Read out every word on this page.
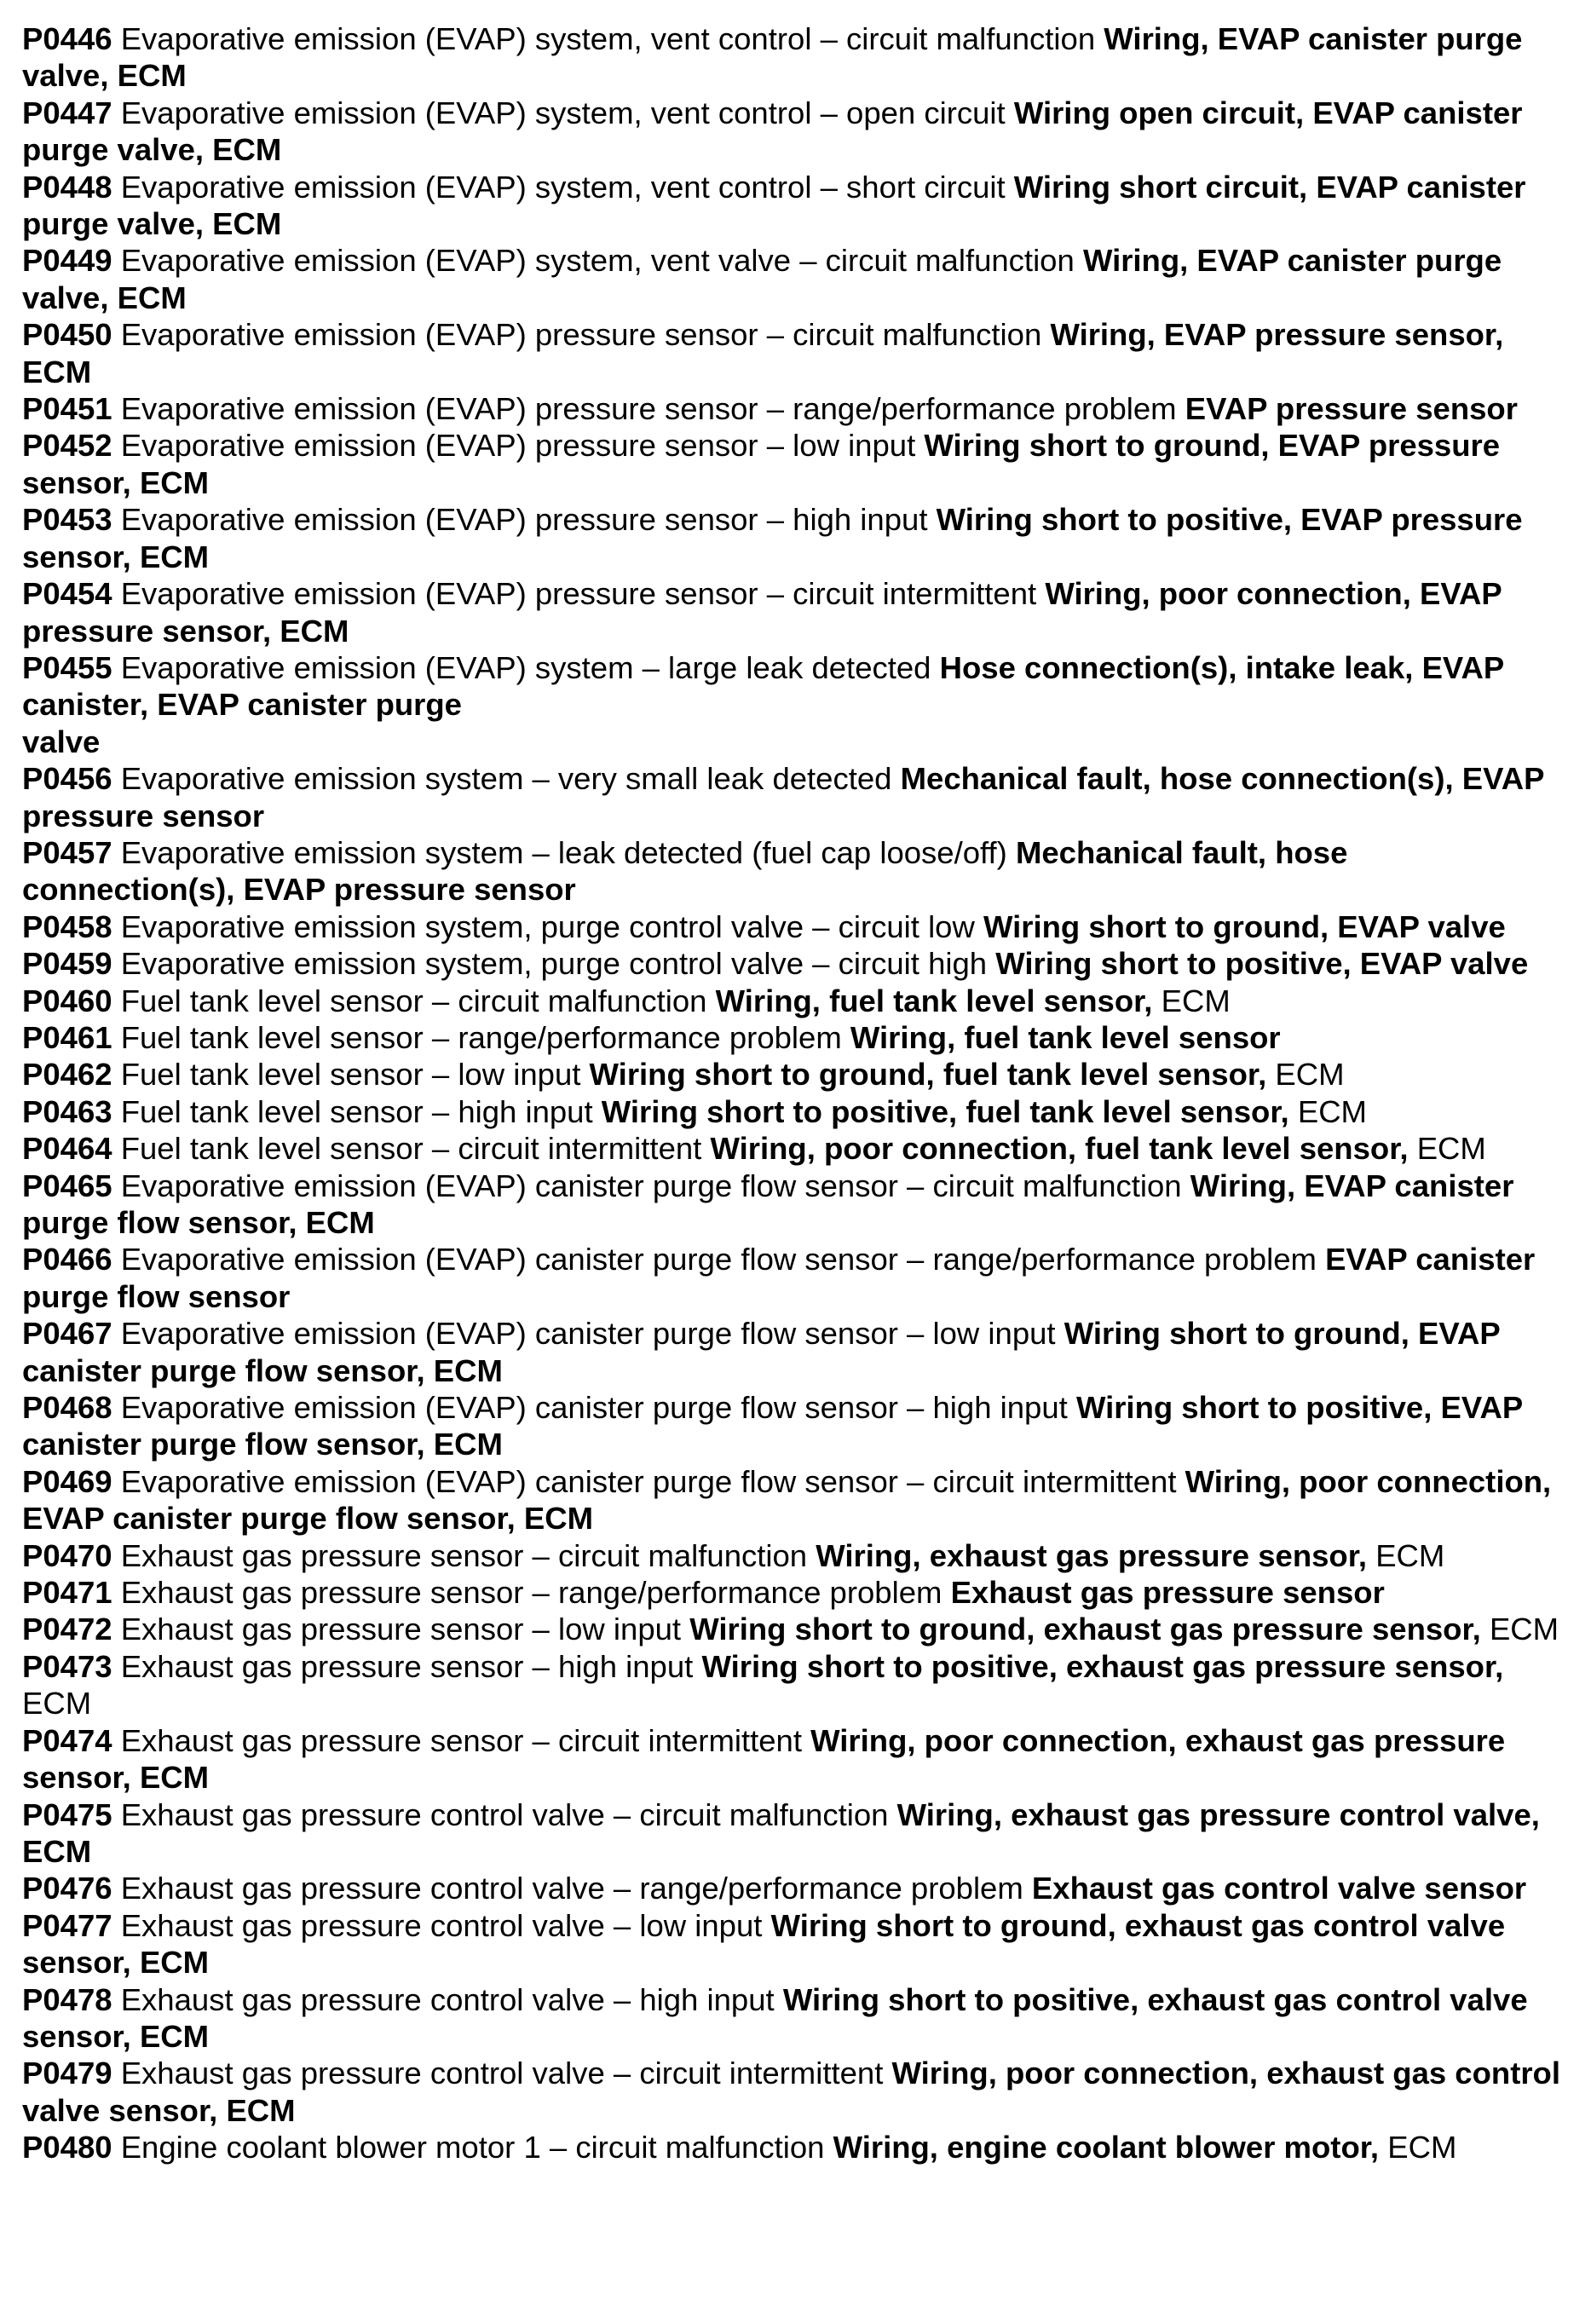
P0446 Evaporative emission (EVAP) system, vent control – circuit malfunction Wiring, EVAP canister purge valve, ECM

P0447 Evaporative emission (EVAP) system, vent control – open circuit Wiring open circuit, EVAP canister purge valve, ECM

P0448 Evaporative emission (EVAP) system, vent control – short circuit Wiring short circuit, EVAP canister purge valve, ECM

P0449 Evaporative emission (EVAP) system, vent valve – circuit malfunction Wiring, EVAP canister purge valve, ECM

P0450 Evaporative emission (EVAP) pressure sensor – circuit malfunction Wiring, EVAP pressure sensor, ECM

P0451 Evaporative emission (EVAP) pressure sensor – range/performance problem EVAP pressure sensor

P0452 Evaporative emission (EVAP) pressure sensor – low input Wiring short to ground, EVAP pressure sensor, ECM

P0453 Evaporative emission (EVAP) pressure sensor – high input Wiring short to positive, EVAP pressure sensor, ECM

P0454 Evaporative emission (EVAP) pressure sensor – circuit intermittent Wiring, poor connection, EVAP pressure sensor, ECM

P0455 Evaporative emission (EVAP) system – large leak detected Hose connection(s), intake leak, EVAP canister, EVAP canister purge
valve

P0456 Evaporative emission system – very small leak detected Mechanical fault, hose connection(s), EVAP pressure sensor

P0457 Evaporative emission system – leak detected (fuel cap loose/off) Mechanical fault, hose connection(s), EVAP pressure sensor

P0458 Evaporative emission system, purge control valve – circuit low Wiring short to ground, EVAP valve

P0459 Evaporative emission system, purge control valve – circuit high Wiring short to positive, EVAP valve

P0460 Fuel tank level sensor – circuit malfunction Wiring, fuel tank level sensor, ECM

P0461 Fuel tank level sensor – range/performance problem Wiring, fuel tank level sensor

P0462 Fuel tank level sensor – low input Wiring short to ground, fuel tank level sensor, ECM

P0463 Fuel tank level sensor – high input Wiring short to positive, fuel tank level sensor, ECM

P0464 Fuel tank level sensor – circuit intermittent Wiring, poor connection, fuel tank level sensor, ECM

P0465 Evaporative emission (EVAP) canister purge flow sensor – circuit malfunction Wiring, EVAP canister purge flow sensor, ECM

P0466 Evaporative emission (EVAP) canister purge flow sensor – range/performance problem EVAP canister purge flow sensor

P0467 Evaporative emission (EVAP) canister purge flow sensor – low input Wiring short to ground, EVAP canister purge flow sensor, ECM

P0468 Evaporative emission (EVAP) canister purge flow sensor – high input Wiring short to positive, EVAP canister purge flow sensor, ECM

P0469 Evaporative emission (EVAP) canister purge flow sensor – circuit intermittent Wiring, poor connection, EVAP canister purge flow sensor, ECM

P0470 Exhaust gas pressure sensor – circuit malfunction Wiring, exhaust gas pressure sensor, ECM

P0471 Exhaust gas pressure sensor – range/performance problem Exhaust gas pressure sensor

P0472 Exhaust gas pressure sensor – low input Wiring short to ground, exhaust gas pressure sensor, ECM

P0473 Exhaust gas pressure sensor – high input Wiring short to positive, exhaust gas pressure sensor, ECM

P0474 Exhaust gas pressure sensor – circuit intermittent Wiring, poor connection, exhaust gas pressure sensor, ECM

P0475 Exhaust gas pressure control valve – circuit malfunction Wiring, exhaust gas pressure control valve, ECM

P0476 Exhaust gas pressure control valve – range/performance problem Exhaust gas control valve sensor

P0477 Exhaust gas pressure control valve – low input Wiring short to ground, exhaust gas control valve sensor, ECM

P0478 Exhaust gas pressure control valve – high input Wiring short to positive, exhaust gas control valve sensor, ECM

P0479 Exhaust gas pressure control valve – circuit intermittent Wiring, poor connection, exhaust gas control valve sensor, ECM

P0480 Engine coolant blower motor 1 – circuit malfunction Wiring, engine coolant blower motor, ECM
